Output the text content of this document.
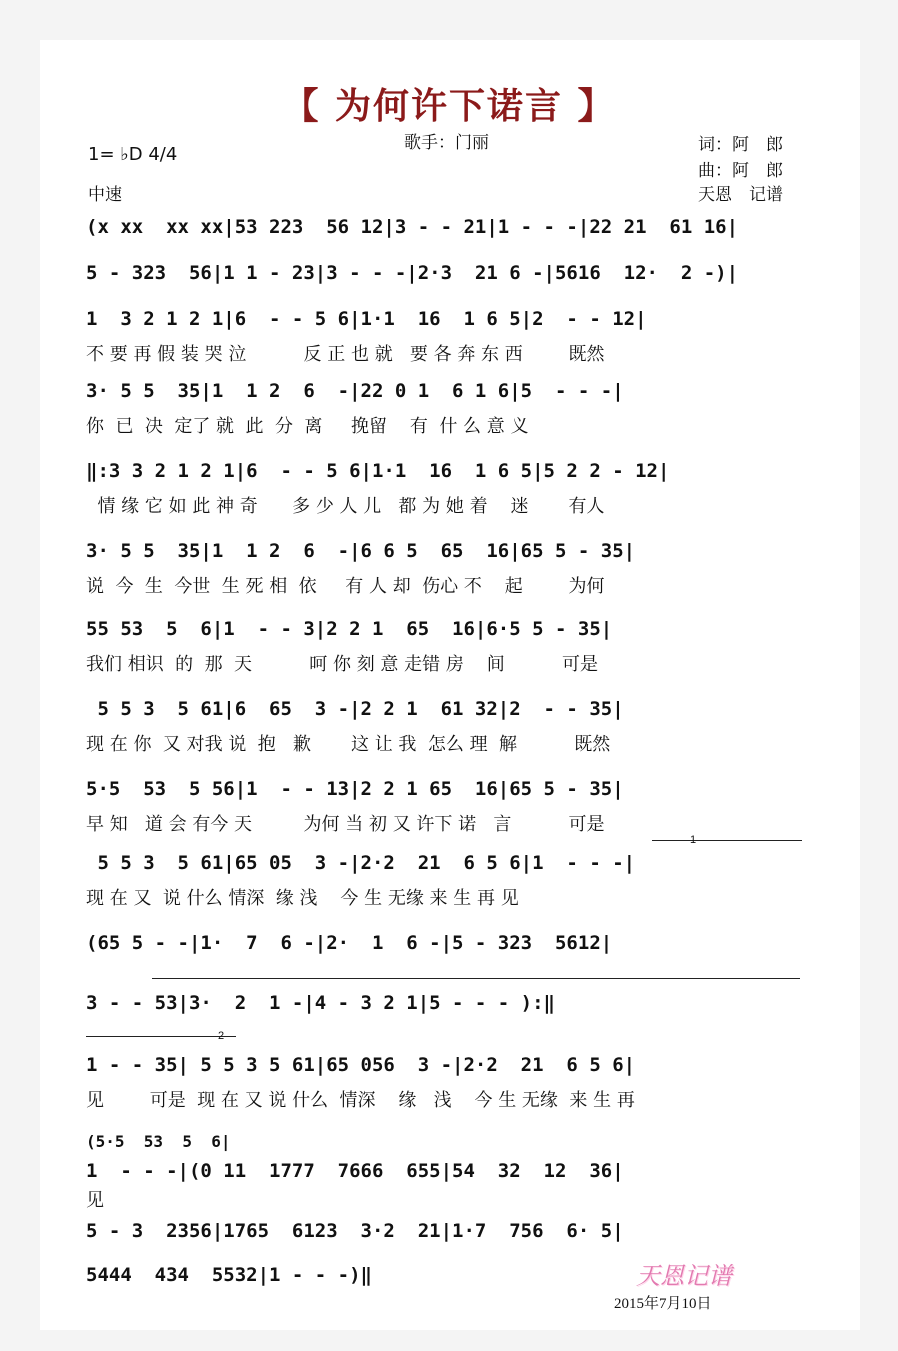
【 为何许下诺言 】
歌手：门丽	词：阿　郎
曲：阿　郎
天恩　记谱
1= ♭D 4/4
中速
(x xx  xx xx|53 223  56 12|3 - - 21|1 - - -|22 21  61 16|
5 - 323  56|1 1 - 23|3 - - -|2·3  21 6 -|5616  12·  2 -)|
1  3 2 1 2 1|6  - - 5 6|1·1  16  1 6 5|2  - - 12|
不 要 再 假 装 哭 泣          反 正 也 就   要 各 奔 东 西        既然
3· 5 5  35|1  1 2  6  -|22 0 1  6 1 6|5  - - -|
你  已  决  定了 就  此  分  离     挽留    有  什 么 意 义
‖:3 3 2 1 2 1|6  - - 5 6|1·1  16  1 6 5|5 2 2 - 12|
情 缘 它 如 此 神 奇      多 少 人 儿   都 为 她 着    迷       有人
3· 5 5  35|1  1 2  6  -|6 6 5  65  16|65 5 - 35|
说  今  生  今世  生 死 相  依     有 人 却  伤心 不    起        为何
55 53  5  6|1  - - 3|2 2 1  65  16|6·5 5 - 35|
我们 相识  的  那  天          呵 你 刻 意 走错 房    间          可是
5 5 3  5 61|6  65  3 -|2 2 1  61 32|2  - - 35|
现 在 你  又 对我 说  抱   歉       这 让 我  怎么 理  解          既然
5·5  53  5 56|1  - - 13|2 2 1 65  16|65 5 - 35|
早 知   道 会 有今 天         为何 当 初 又 许下 诺   言          可是
1
5 5 3  5 61|65 05  3 -|2·2  21  6 5 6|1  - - -|
现 在 又  说 什么 情深  缘 浅    今 生 无缘 来 生 再 见
(65 5 - -|1·  7  6 -|2·  1  6 -|5 - 323  5612|
3 - - 53|3·  2  1 -|4 - 3 2 1|5 - - - ):‖
2
1 - - 35| 5 5 3 5 61|65 056  3 -|2·2  21  6 5 6|
见        可是  现 在 又 说 什么  情深    缘   浅    今 生 无缘  来 生 再
(5·5  53  5  6|
1  - - -|(0 11  1777  7666  655|54  32  12  36|
见
5 - 3  2356|1765  6123  3·2  21|1·7  756  6· 5|
5444  434  5532|1 - - -)‖	天恩记谱
2015年7月10日
